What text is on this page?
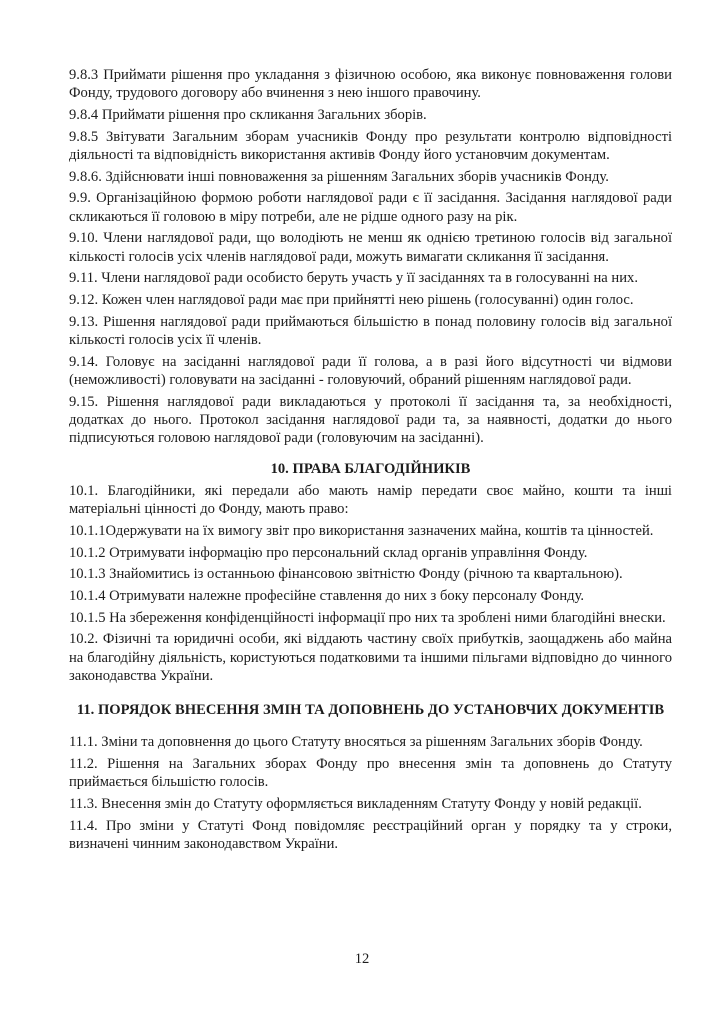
9.8.3 Приймати рішення про укладання з фізичною особою, яка виконує повноваження голови Фонду, трудового договору або вчинення з нею іншого правочину.

9.8.4 Приймати рішення про скликання Загальних зборів.

9.8.5 Звітувати Загальним зборам учасників Фонду про результати контролю відповідності діяльності та відповідність використання активів Фонду його установчим документам.

9.8.6. Здійснювати інші повноваження за рішенням Загальних зборів учасників Фонду.

9.9. Організаційною формою роботи наглядової ради є її засідання. Засідання наглядової ради скликаються її головою в міру потреби, але не рідше одного разу на рік.

9.10. Члени наглядової ради, що володіють не менш як однією третиною голосів від загальної кількості голосів усіх членів наглядової ради, можуть вимагати скликання її засідання.

9.11. Члени наглядової ради особисто беруть участь у її засіданнях та в голосуванні на них.

9.12. Кожен член наглядової ради має при прийнятті нею рішень (голосуванні) один голос.

9.13. Рішення наглядової ради приймаються більшістю в понад половину голосів від загальної кількості голосів усіх її членів.

9.14. Головує на засіданні наглядової ради її голова, а в разі його відсутності чи відмови (неможливості) головувати на засіданні - головуючий, обраний рішенням наглядової ради.

9.15. Рішення наглядової ради викладаються у протоколі її засідання та, за необхідності, додатках до нього. Протокол засідання наглядової ради та, за наявності, додатки до нього підписуються головою наглядової ради (головуючим на засіданні).

10. ПРАВА БЛАГОДІЙНИКІВ

10.1. Благодійники, які передали або мають намір передати своє майно, кошти та інші матеріальні цінності до Фонду, мають право:

10.1.1Одержувати на їх вимогу звіт про використання зазначених майна, коштів та цінностей.

10.1.2 Отримувати інформацію про персональний склад органів управління Фонду.

10.1.3 Знайомитись із останньою фінансовою звітністю Фонду (річною та квартальною).

10.1.4 Отримувати належне професійне ставлення до них з боку персоналу Фонду.

10.1.5 На збереження конфіденційності інформації про них та зроблені ними благодійні внески.

10.2. Фізичні та юридичні особи, які віддають частину своїх прибутків, заощаджень або майна на благодійну діяльність, користуються податковими та іншими пільгами відповідно до чинного законодавства України.

11. ПОРЯДОК ВНЕСЕННЯ ЗМІН ТА ДОПОВНЕНЬ ДО УСТАНОВЧИХ ДОКУМЕНТІВ

11.1. Зміни та доповнення до цього Статуту вносяться за рішенням Загальних зборів Фонду.

11.2. Рішення на Загальних зборах Фонду про внесення змін та доповнень до Статуту приймається більшістю голосів.

11.3. Внесення змін до Статуту оформляється викладенням Статуту Фонду у новій редакції.

11.4. Про зміни у Статуті Фонд повідомляє реєстраційний орган у порядку та у строки, визначені чинним законодавством України.

12
